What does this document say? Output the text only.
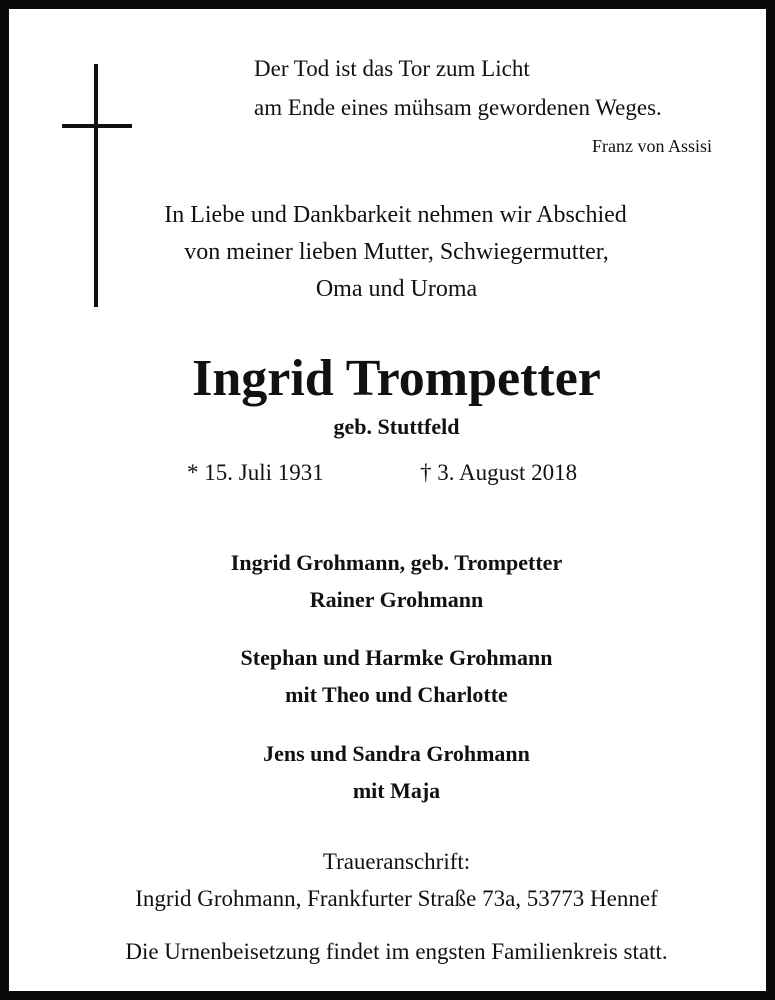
Der Tod ist das Tor zum Licht
am Ende eines mühsam gewordenen Weges.
Franz von Assisi
In Liebe und Dankbarkeit nehmen wir Abschied
von meiner lieben Mutter, Schwiegermutter,
Oma und Uroma
Ingrid Trompetter
geb. Stuttfeld
* 15. Juli 1931	† 3. August 2018
Ingrid Grohmann, geb. Trompetter
Rainer Grohmann
Stephan und Harmke Grohmann
mit Theo und Charlotte
Jens und Sandra Grohmann
mit Maja
Traueranschrift:
Ingrid Grohmann, Frankfurter Straße 73a, 53773 Hennef
Die Urnenbeisetzung findet im engsten Familienkreis statt.
